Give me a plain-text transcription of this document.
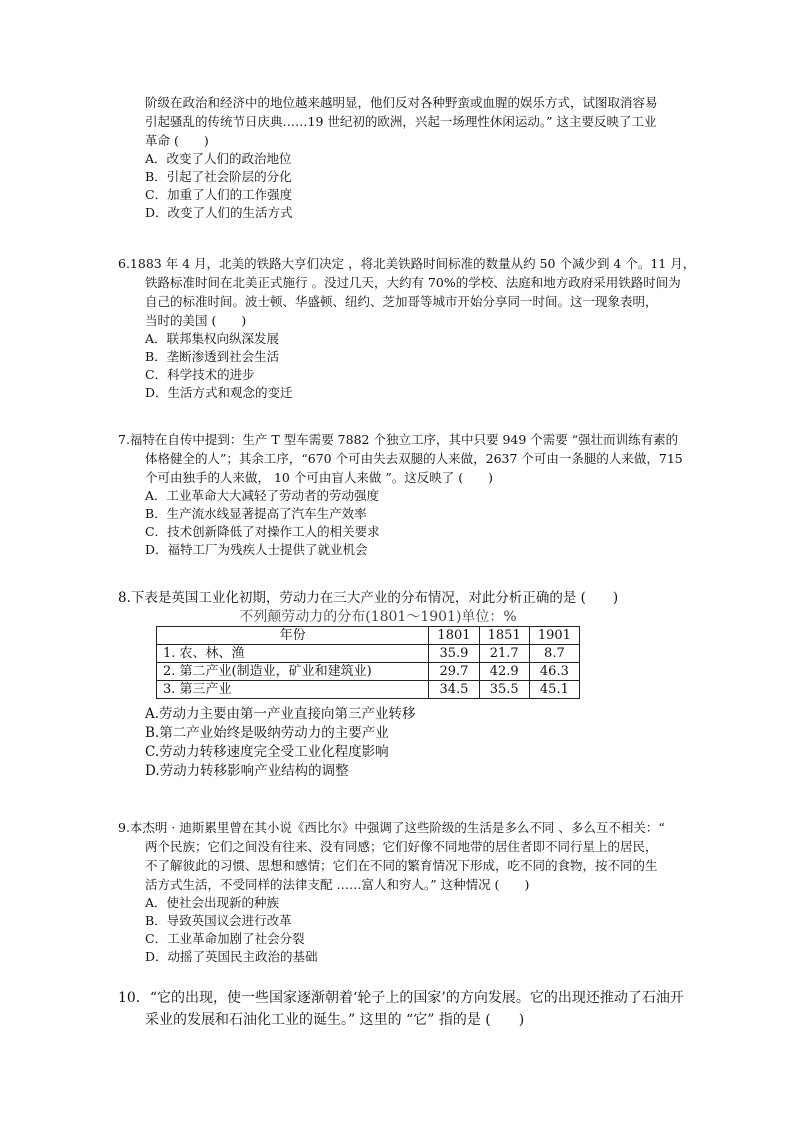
阶级在政治和经济中的地位越来越明显，他们反对各种野蛮或血腥的娱乐方式，试图取消容易
引起骚乱的传统节日庆典……19 世纪初的欧洲，兴起一场理性休闲运动。” 这主要反映了工业
革命 (　　)

A．改变了人们的政治地位

B．引起了社会阶层的分化

C．加重了人们的工作强度

D．改变了人们的生活方式

6.1883 年 4 月，北美的铁路大亨们决定 ，将北美铁路时间标准的数量从约 50 个减少到 4 个。11 月，
铁路标准时间在北美正式施行 。没过几天，大约有 70%的学校、法庭和地方政府采用铁路时间为
自己的标准时间。波士顿、华盛顿、纽约、芝加哥等城市开始分享同一时间。这一现象表明，
当时的美国 (　　)

A．联邦集权向纵深发展

B．垄断渗透到社会生活

C．科学技术的进步

D．生活方式和观念的变迁

7.福特在自传中提到：生产 T 型车需要 7882 个独立工序，其中只要 949 个需要 “强壮而训练有素的
体格健全的人”；其余工序，“670 个可由失去双腿的人来做，2637 个可由一条腿的人来做，715
个可由独手的人来做， 10 个可由盲人来做 ”。这反映了 (　　)

A．工业革命大大减轻了劳动者的劳动强度

B．生产流水线显著提高了汽车生产效率

C．技术创新降低了对操作工人的相关要求

D．福特工厂为残疾人士提供了就业机会

8.下表是英国工业化初期，劳动力在三大产业的分布情况，对此分析正确的是 (　　)

不列颠劳动力的分布(1801～1901)单位：%
年份	1801	1851	1901
1. 农、林、渔	35.9	21.7	8.7
2. 第二产业(制造业，矿业和建筑业)	29.7	42.9	46.3
3. 第三产业	34.5	35.5	45.1

A.劳动力主要由第一产业直接向第三产业转移

B.第二产业始终是吸纳劳动力的主要产业

C.劳动力转移速度完全受工业化程度影响

D.劳动力转移影响产业结构的调整

9.本杰明 · 迪斯累里曾在其小说《西比尔》中强调了这些阶级的生活是多么不同 、多么互不相关：“
两个民族；它们之间没有往来、没有同感；它们好像不同地带的居住者即不同行星上的居民，
不了解彼此的习惯、思想和感情；它们在不同的繁育情况下形成，吃不同的食物，按不同的生
活方式生活，不受同样的法律支配 ……富人和穷人。” 这种情况 (　　)

A．使社会出现新的种族

B．导致英国议会进行改革

C．工业革命加剧了社会分裂

D．动摇了英国民主政治的基础

10．“它的出现，使一些国家逐渐朝着‘轮子上的国家’的方向发展。它的出现还推动了石油开
采业的发展和石油化工业的诞生。” 这里的 “它” 指的是 (　　)
